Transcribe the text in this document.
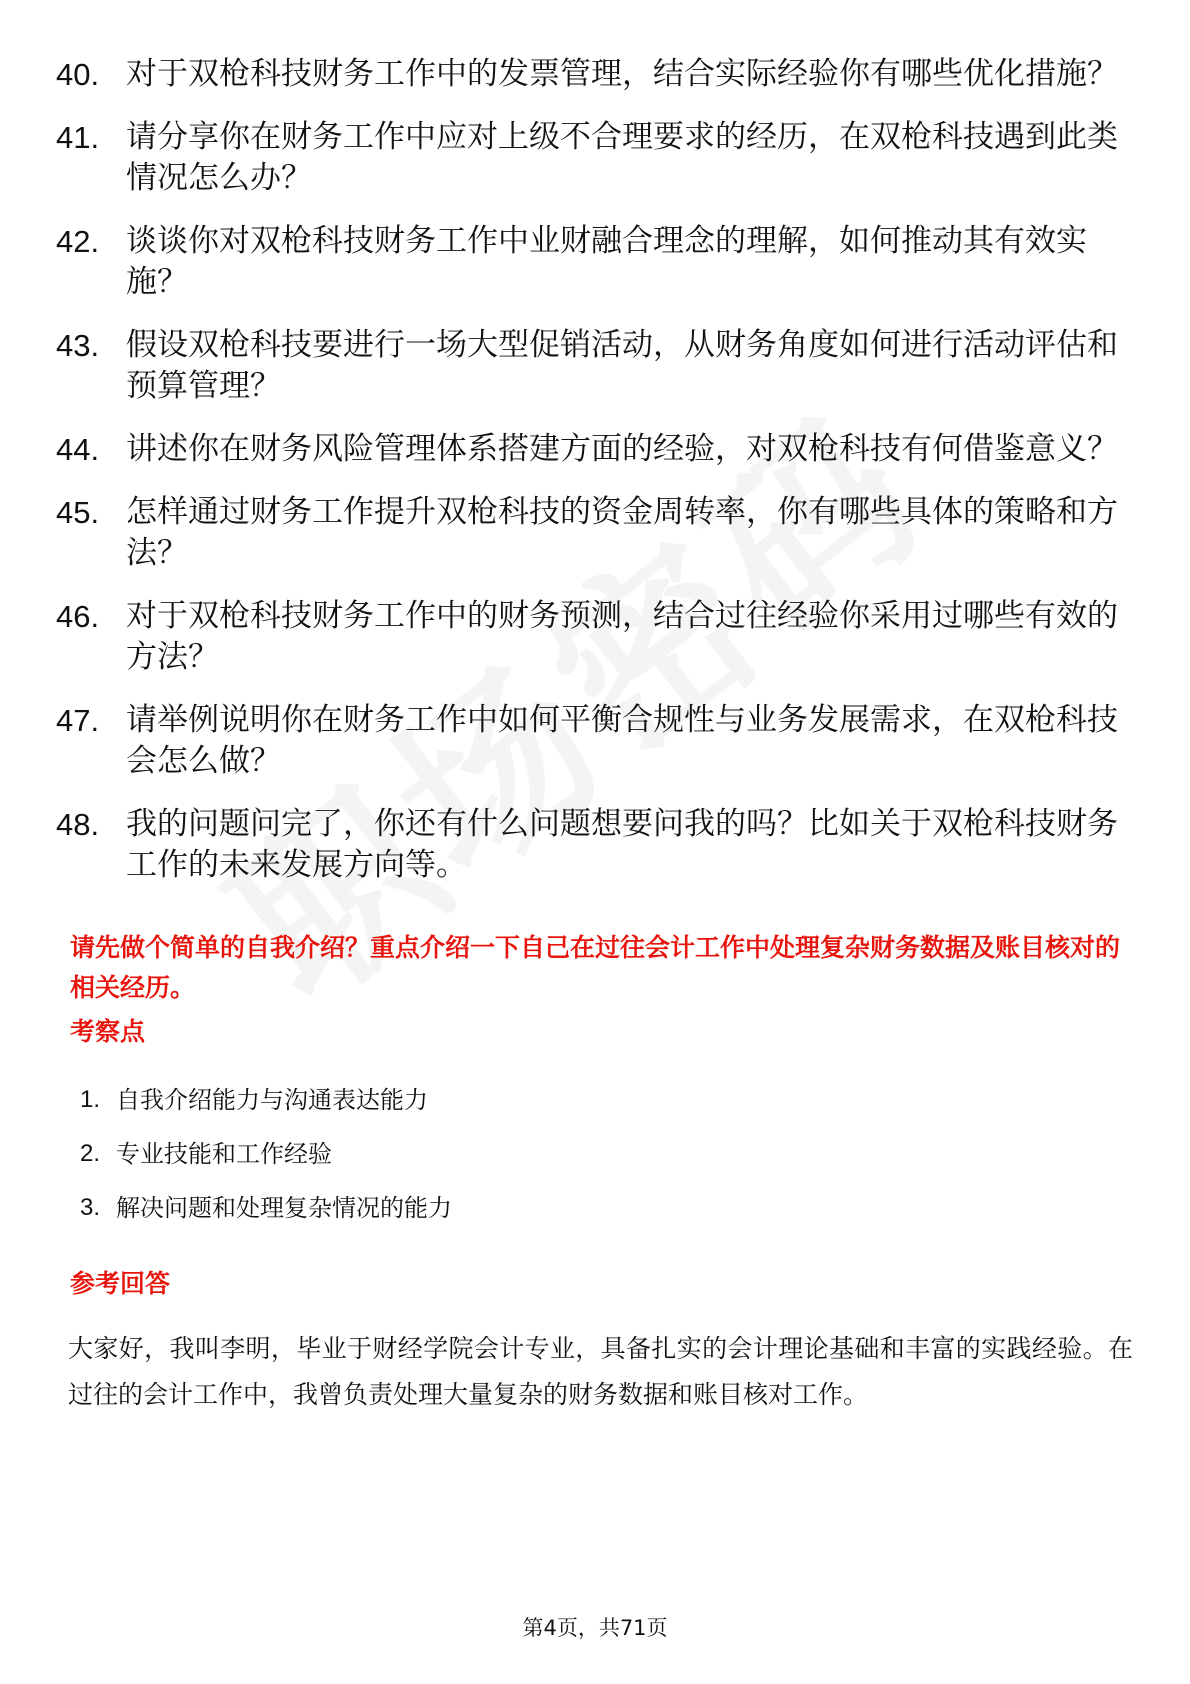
40. 对于双枪科技财务工作中的发票管理，结合实际经验你有哪些优化措施？
41. 请分享你在财务工作中应对上级不合理要求的经历，在双枪科技遇到此类情况怎么办？
42. 谈谈你对双枪科技财务工作中业财融合理念的理解，如何推动其有效实施？
43. 假设双枪科技要进行一场大型促销活动，从财务角度如何进行活动评估和预算管理？
44. 讲述你在财务风险管理体系搭建方面的经验，对双枪科技有何借鉴意义？
45. 怎样通过财务工作提升双枪科技的资金周转率，你有哪些具体的策略和方法？
46. 对于双枪科技财务工作中的财务预测，结合过往经验你采用过哪些有效的方法？
47. 请举例说明你在财务工作中如何平衡合规性与业务发展需求，在双枪科技会怎么做？
48. 我的问题问完了，你还有什么问题想要问我的吗？比如关于双枪科技财务工作的未来发展方向等。

请先做个简单的自我介绍？重点介绍一下自己在过往会计工作中处理复杂财务数据及账目核对的相关经历。

考察点
1. 自我介绍能力与沟通表达能力
2. 专业技能和工作经验
3. 解决问题和处理复杂情况的能力
参考回答

大家好，我叫李明，毕业于财经学院会计专业，具备扎实的会计理论基础和丰富的实践经验。在过往的会计工作中，我曾负责处理大量复杂的财务数据和账目核对工作。

第4页，共71页
